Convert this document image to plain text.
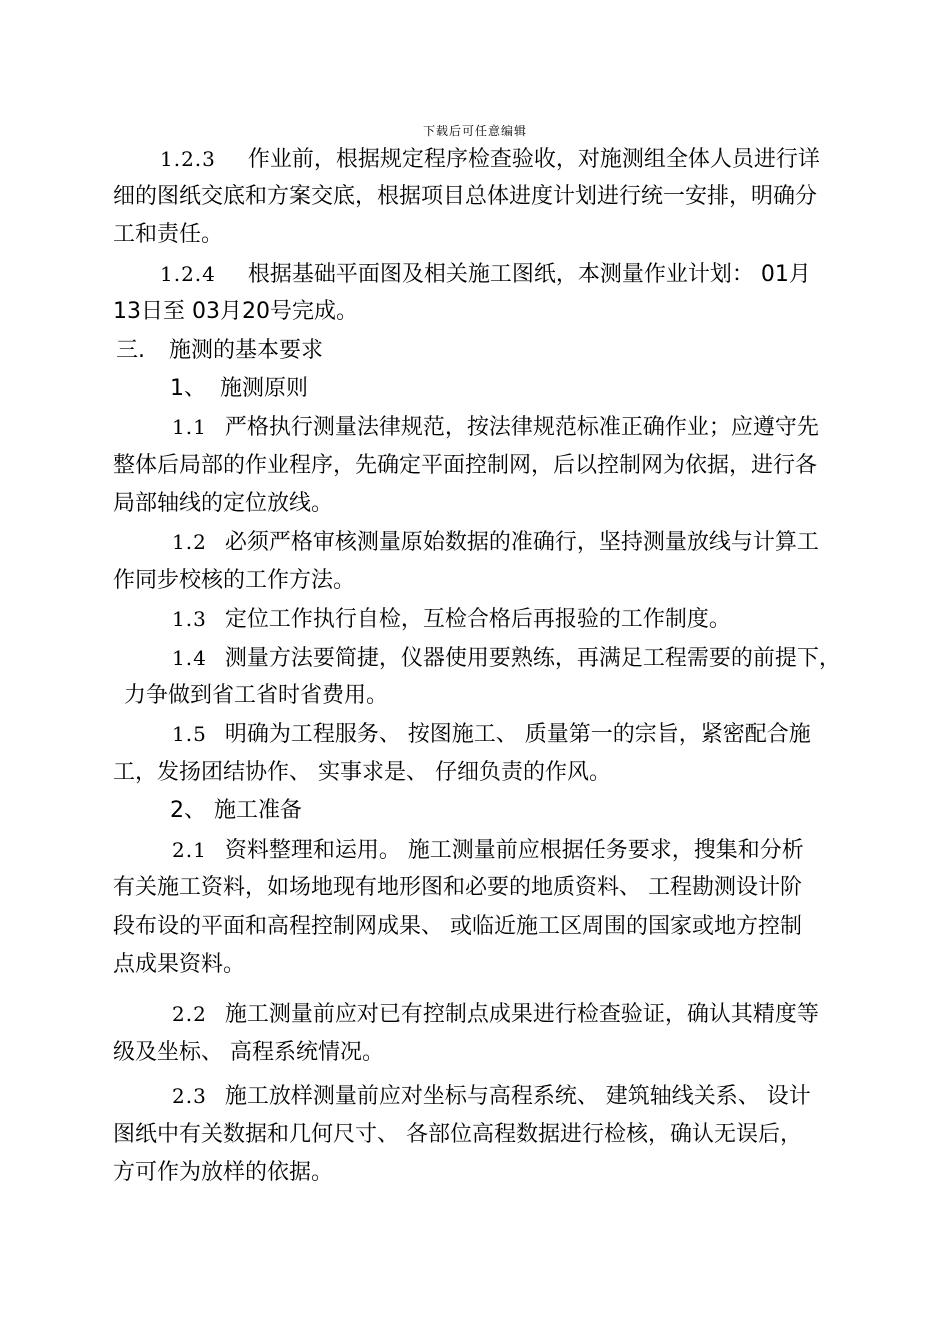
下载后可任意编辑
1.2.3 作业前，根据规定程序检查验收，对施测组全体人员进行详
细的图纸交底和方案交底，根据项目总体进度计划进行统一安排，明确分
工和责任。
1.2.4 根据基础平面图及相关施工图纸，本测量作业计划： 01月
13日至 03月20号完成。
三. 施测的基本要求
1、 施测原则
1.1 严格执行测量法律规范，按法律规范标准正确作业；应遵守先
整体后局部的作业程序，先确定平面控制网，后以控制网为依据，进行各
局部轴线的定位放线。
1.2 必须严格审核测量原始数据的准确行，坚持测量放线与计算工
作同步校核的工作方法。
1.3 定位工作执行自检，互检合格后再报验的工作制度。
1.4 测量方法要简捷，仪器使用要熟练，再满足工程需要的前提下，
力争做到省工省时省费用。
1.5 明确为工程服务、 按图施工、 质量第一的宗旨，紧密配合施
工，发扬团结协作、 实事求是、 仔细负责的作风。
2、 施工准备
2.1 资料整理和运用。 施工测量前应根据任务要求，搜集和分析
有关施工资料，如场地现有地形图和必要的地质资料、 工程勘测设计阶
段布设的平面和高程控制网成果、 或临近施工区周围的国家或地方控制
点成果资料。
2.2 施工测量前应对已有控制点成果进行检查验证，确认其精度等
级及坐标、 高程系统情况。
2.3 施工放样测量前应对坐标与高程系统、 建筑轴线关系、 设计
图纸中有关数据和几何尺寸、 各部位高程数据进行检核，确认无误后，
方可作为放样的依据。
